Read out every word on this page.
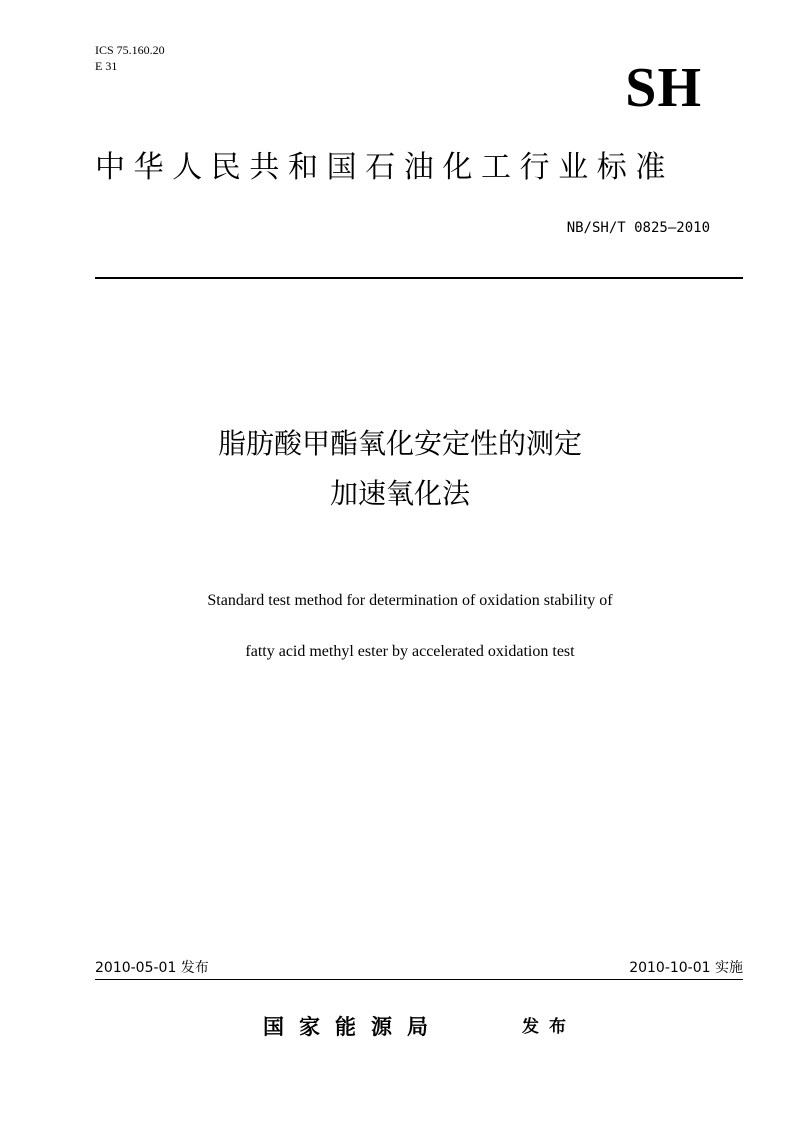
ICS 75.160.20
E 31	SH
中华人民共和国石油化工行业标准
NB/SH/T 0825—2010
脂肪酸甲酯氧化安定性的测定
加速氧化法
Standard test method for determination of oxidation stability of
fatty acid methyl ester by accelerated oxidation test
2010-05-01 发布	2010-10-01 实施
国家能源局	发布
